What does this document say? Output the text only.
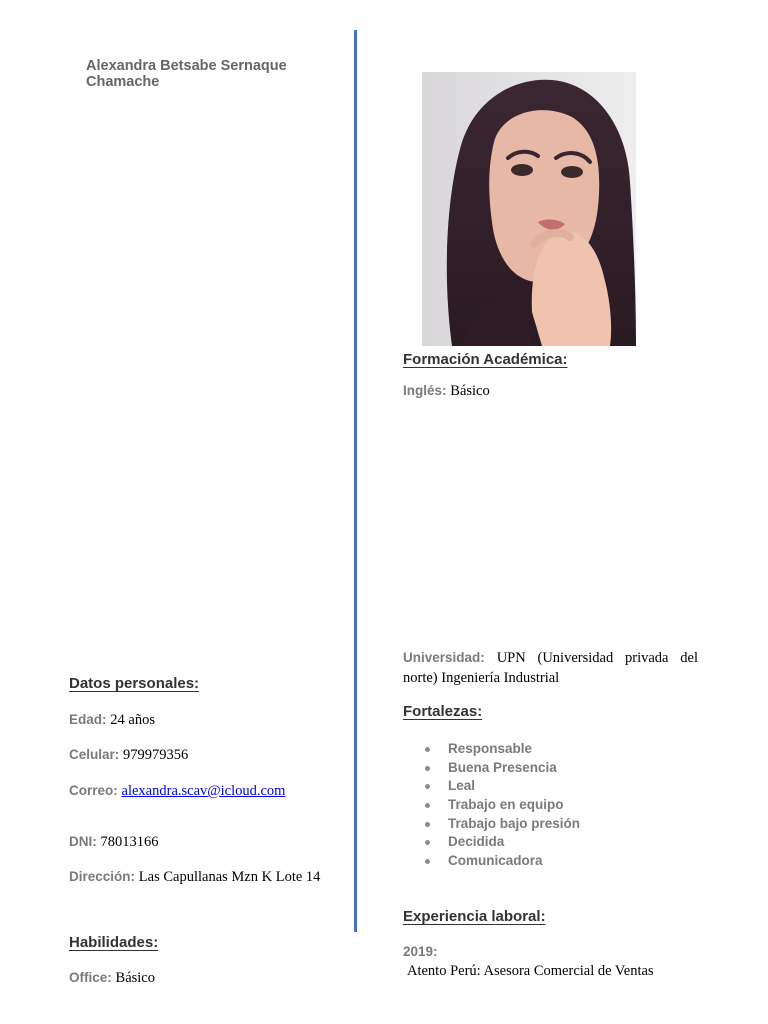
Alexandra Betsabe Sernaque Chamache
Formación Académica:
Inglés: Básico
Universidad: UPN (Universidad privada del norte) Ingeniería Industrial
Fortalezas:
Responsable
Buena Presencia
Leal
Trabajo en equipo
Trabajo bajo presión
Decidida
Comunicadora
Experiencia laboral:
2019:
Atento Perú: Asesora Comercial de Ventas
Datos personales:
Edad: 24 años
Celular: 979979356
Correo: alexandra.scav@icloud.com
DNI: 78013166
Dirección: Las Capullanas Mzn K Lote 14
Habilidades:
Office: Básico
